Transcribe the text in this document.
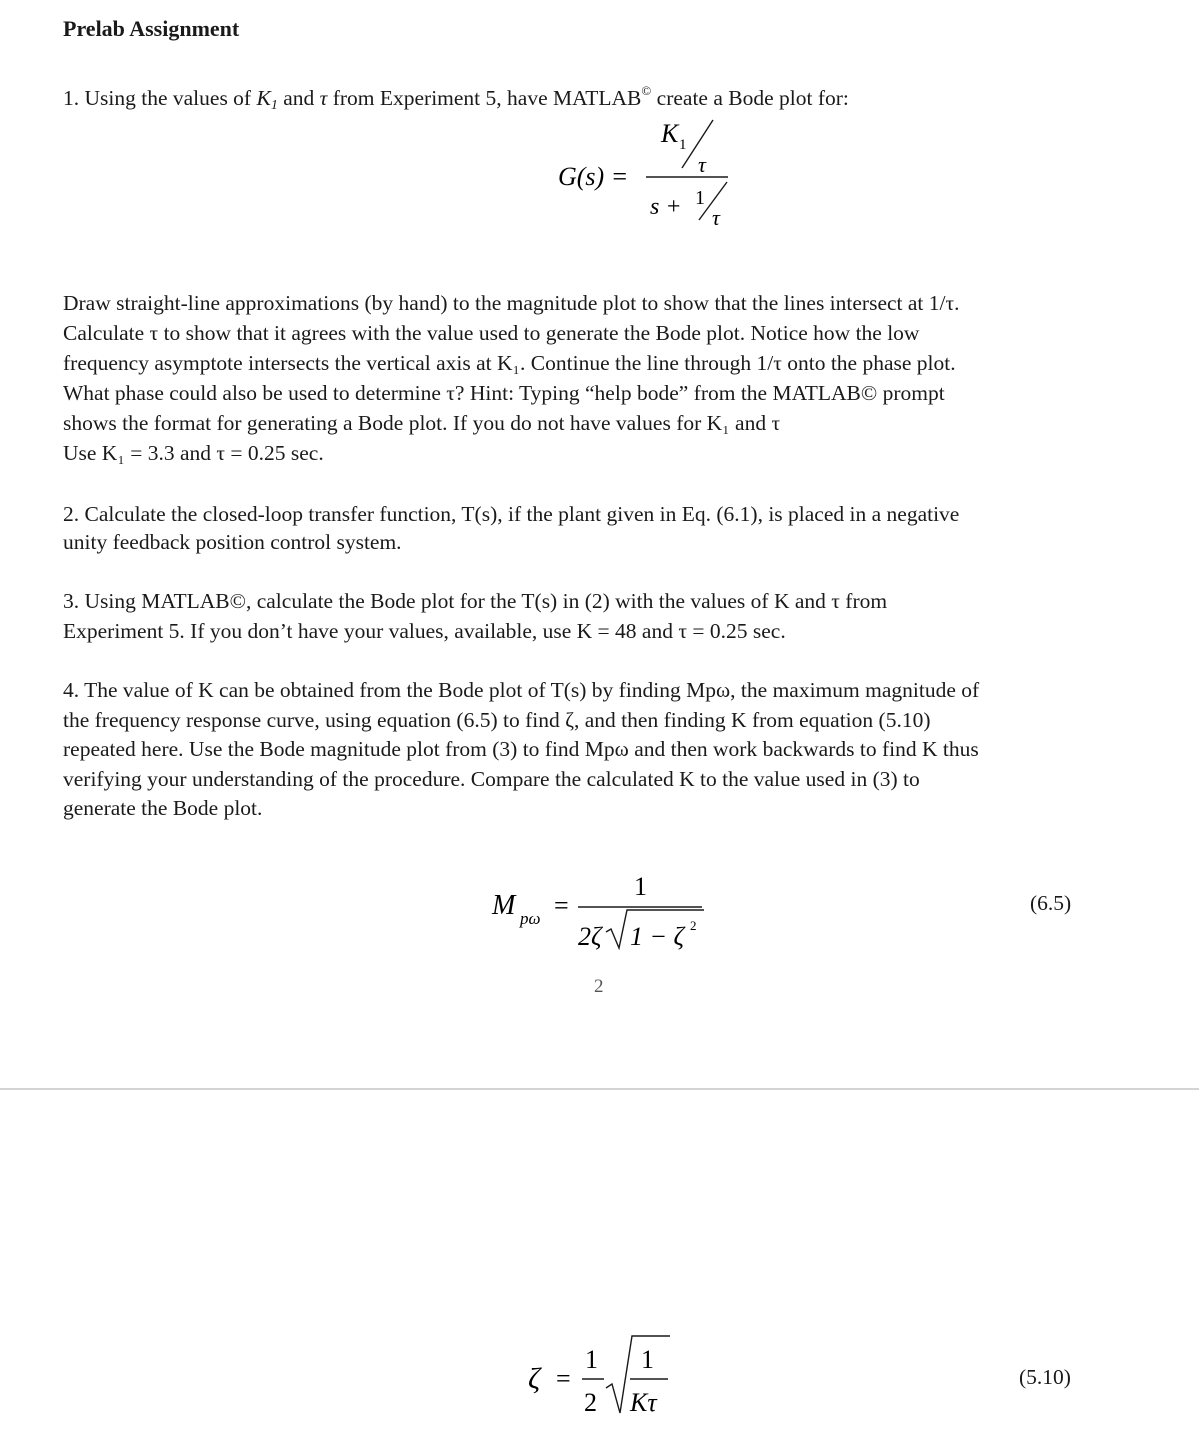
Prelab Assignment
1. Using the values of $K_1$ and τ from Experiment 5, have MATLAB© create a Bode plot for:
G(s) =
K 1
τ
s + 1
τ
Draw straight-line approximations (by hand) to the magnitude plot to show that the lines intersect at 1/τ.
Calculate τ to show that it agrees with the value used to generate the Bode plot. Notice how the low
frequency asymptote intersects the vertical axis at K₁. Continue the line through 1/τ onto the phase plot.
What phase could also be used to determine τ? Hint: Typing “help bode” from the MATLAB© prompt
shows the format for generating a Bode plot. If you do not have values for K₁ and τ
Use K₁ = 3.3 and τ = 0.25 sec.
2. Calculate the closed-loop transfer function, T(s), if the plant given in Eq. (6.1), is placed in a negative
unity feedback position control system.
3. Using MATLAB©, calculate the Bode plot for the T(s) in (2) with the values of K and τ from
Experiment 5. If you don’t have your values, available, use K = 48 and τ = 0.25 sec.
4. The value of K can be obtained from the Bode plot of T(s) by finding Mpω, the maximum magnitude of
the frequency response curve, using equation (6.5) to find ζ, and then finding K from equation (5.10)
repeated here. Use the Bode magnitude plot from (3) to find Mpω and then work backwards to find K thus
verifying your understanding of the procedure. Compare the calculated K to the value used in (3) to
generate the Bode plot.
M pω =
1
2ζ 1 − ζ 2
(6.5)
2
ζ =
1
2
1
Kτ
(5.10)
